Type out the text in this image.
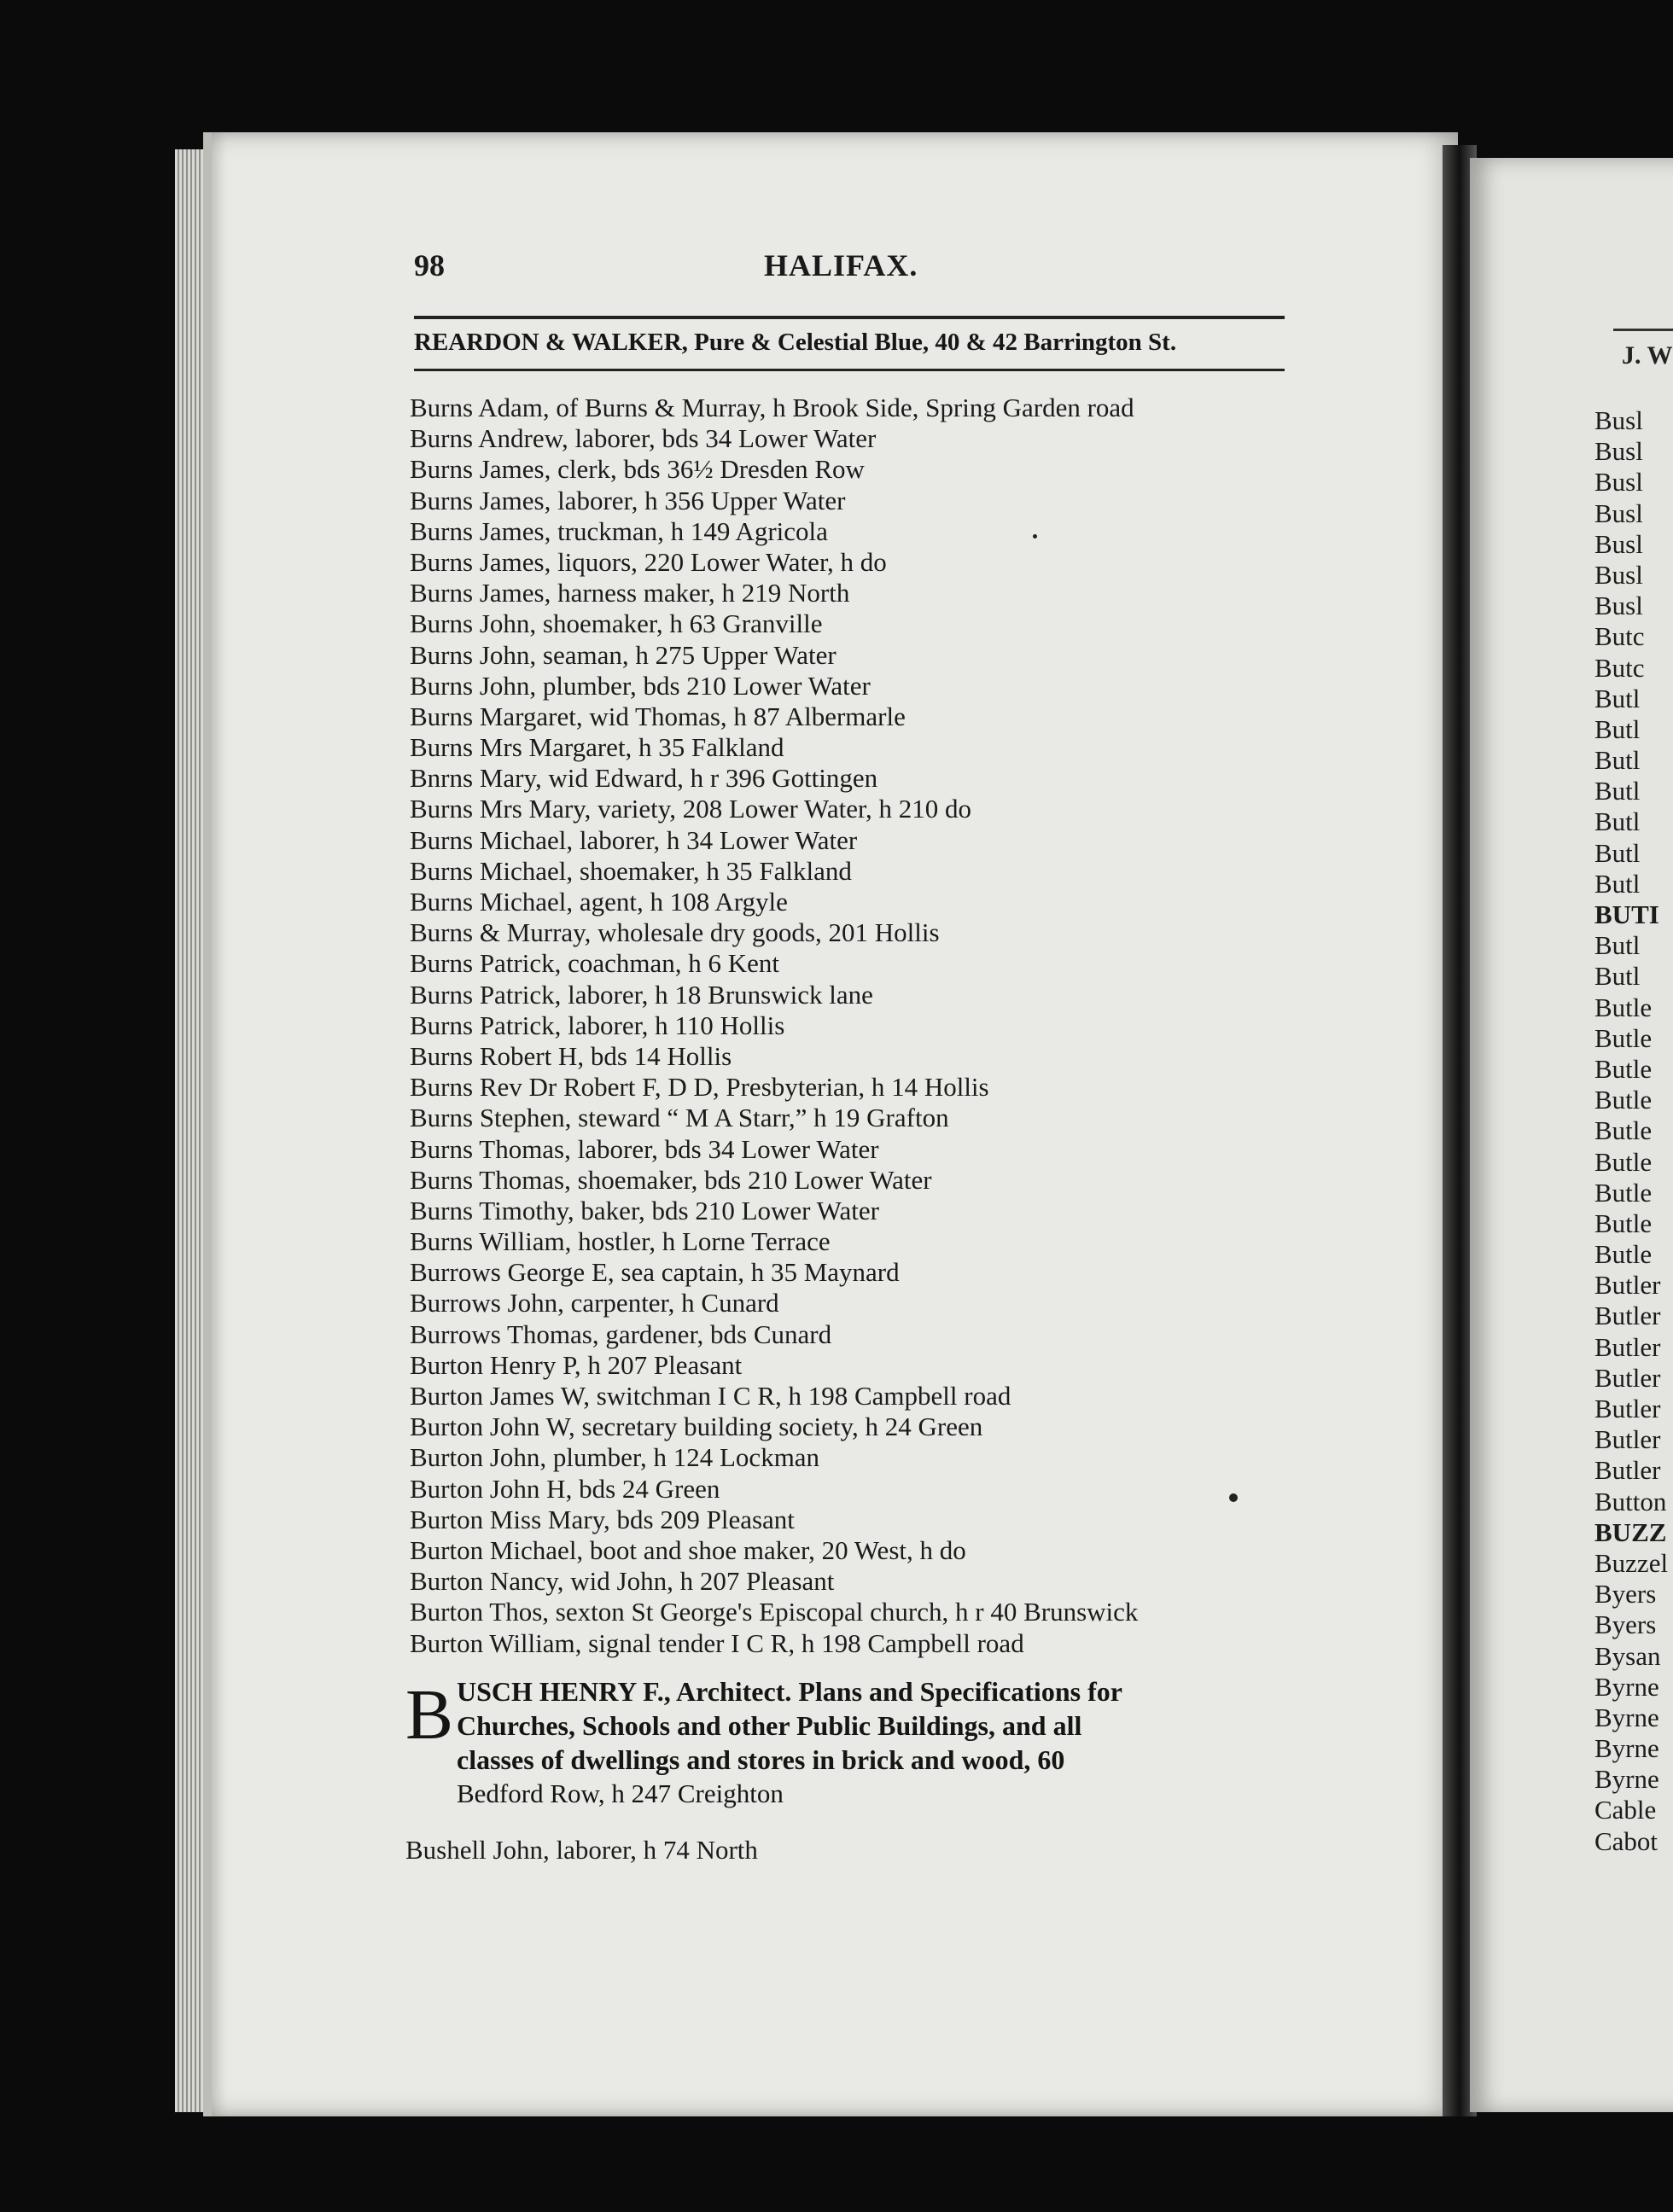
98	HALIFAX.
REARDON & WALKER, Pure & Celestial Blue, 40 & 42 Barrington St.
Burns Adam, of Burns & Murray, h Brook Side, Spring Garden road
Burns Andrew, laborer, bds 34 Lower Water
Burns James, clerk, bds 36½ Dresden Row
Burns James, laborer, h 356 Upper Water
Burns James, truckman, h 149 Agricola
Burns James, liquors, 220 Lower Water, h do
Burns James, harness maker, h 219 North
Burns John, shoemaker, h 63 Granville
Burns John, seaman, h 275 Upper Water
Burns John, plumber, bds 210 Lower Water
Burns Margaret, wid Thomas, h 87 Albermarle
Burns Mrs Margaret, h 35 Falkland
Bnrns Mary, wid Edward, h r 396 Gottingen
Burns Mrs Mary, variety, 208 Lower Water, h 210 do
Burns Michael, laborer, h 34 Lower Water
Burns Michael, shoemaker, h 35 Falkland
Burns Michael, agent, h 108 Argyle
Burns & Murray, wholesale dry goods, 201 Hollis
Burns Patrick, coachman, h 6 Kent
Burns Patrick, laborer, h 18 Brunswick lane
Burns Patrick, laborer, h 110 Hollis
Burns Robert H, bds 14 Hollis
Burns Rev Dr Robert F, D D, Presbyterian, h 14 Hollis
Burns Stephen, steward “ M A Starr,” h 19 Grafton
Burns Thomas, laborer, bds 34 Lower Water
Burns Thomas, shoemaker, bds 210 Lower Water
Burns Timothy, baker, bds 210 Lower Water
Burns William, hostler, h Lorne Terrace
Burrows George E, sea captain, h 35 Maynard
Burrows John, carpenter, h Cunard
Burrows Thomas, gardener, bds Cunard
Burton Henry P, h 207 Pleasant
Burton James W, switchman I C R, h 198 Campbell road
Burton John W, secretary building society, h 24 Green
Burton John, plumber, h 124 Lockman
Burton John H, bds 24 Green
Burton Miss Mary, bds 209 Pleasant
Burton Michael, boot and shoe maker, 20 West, h do
Burton Nancy, wid John, h 207 Pleasant
Burton Thos, sexton St George's Episcopal church, h r 40 Brunswick
Burton William, signal tender I C R, h 198 Campbell road
B USCH HENRY F., Architect. Plans and Specifications for
Churches, Schools and other Public Buildings, and all
classes of dwellings and stores in brick and wood, 60
Bedford Row, h 247 Creighton
Bushell John, laborer, h 74 North
J. W
Busl
Busl
Busl
Busl
Busl
Busl
Busl
Butc
Butc
Butl
Butl
Butl
Butl
Butl
Butl
Butl
BUTI
Butl
Butl
Butle
Butle
Butle
Butle
Butle
Butle
Butle
Butle
Butle
Butler
Butler
Butler
Butler
Butler
Butler
Butler
Button
BUZZ
Buzzel
Byers
Byers
Bysan
Byrne
Byrne
Byrne
Byrne
Cable
Cabot
